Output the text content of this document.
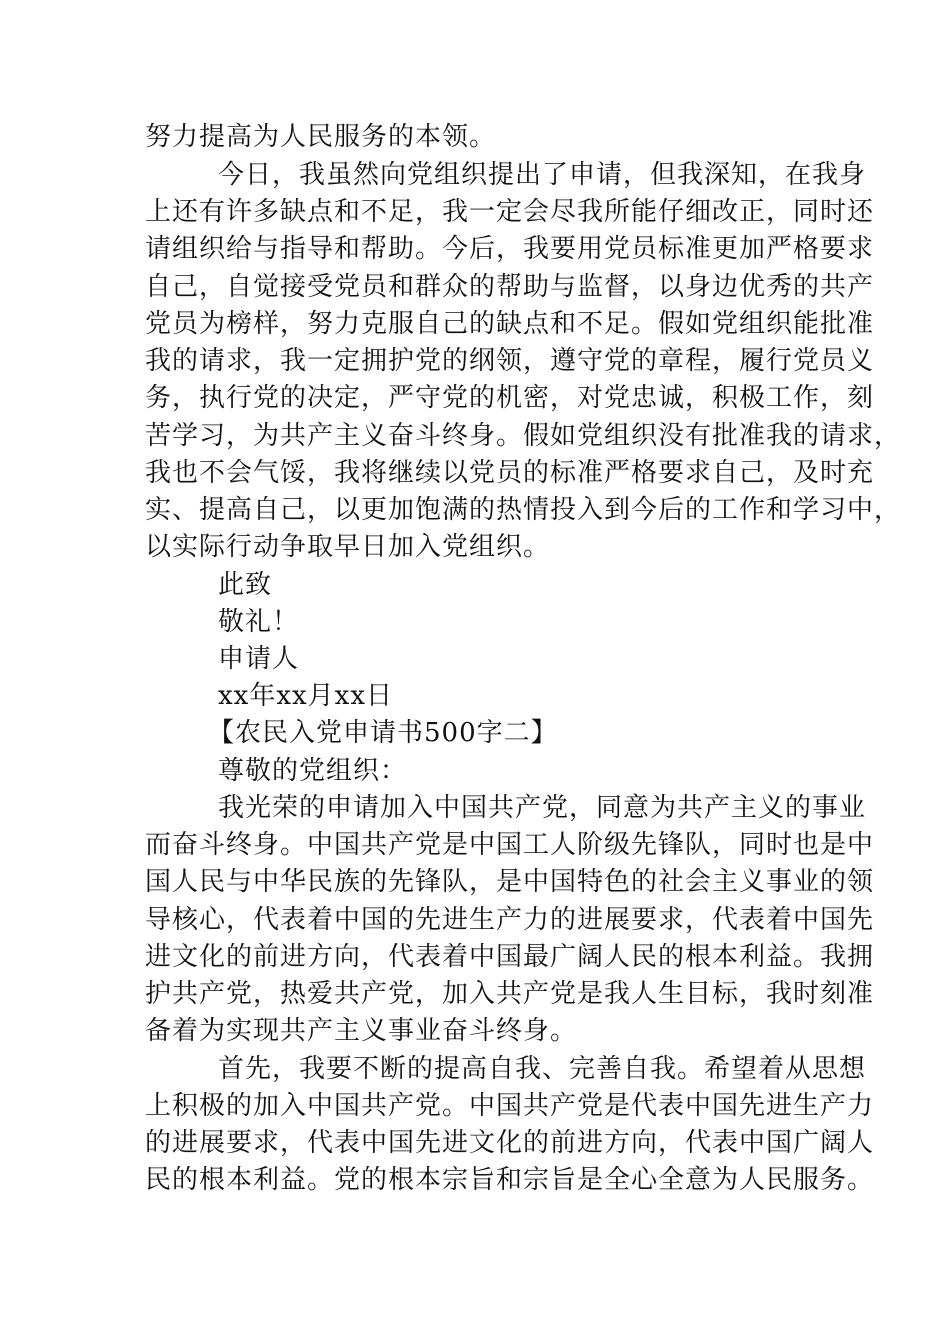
努力提高为人民服务的本领。
今日，我虽然向党组织提出了申请，但我深知，在我身
上还有许多缺点和不足，我一定会尽我所能仔细改正，同时还
请组织给与指导和帮助。今后，我要用党员标准更加严格要求
自己，自觉接受党员和群众的帮助与监督，以身边优秀的共产
党员为榜样，努力克服自己的缺点和不足。假如党组织能批准
我的请求，我一定拥护党的纲领，遵守党的章程，履行党员义
务，执行党的决定，严守党的机密，对党忠诚，积极工作，刻
苦学习，为共产主义奋斗终身。假如党组织没有批准我的请求，
我也不会气馁，我将继续以党员的标准严格要求自己，及时充
实、提高自己，以更加饱满的热情投入到今后的工作和学习中，
以实际行动争取早日加入党组织。
此致
敬礼！
申请人
xx年xx月xx日
【农民入党申请书500字二】
尊敬的党组织：
我光荣的申请加入中国共产党，同意为共产主义的事业
而奋斗终身。中国共产党是中国工人阶级先锋队，同时也是中
国人民与中华民族的先锋队，是中国特色的社会主义事业的领
导核心，代表着中国的先进生产力的进展要求，代表着中国先
进文化的前进方向，代表着中国最广阔人民的根本利益。我拥
护共产党，热爱共产党，加入共产党是我人生目标，我时刻准
备着为实现共产主义事业奋斗终身。
首先，我要不断的提高自我、完善自我。希望着从思想
上积极的加入中国共产党。中国共产党是代表中国先进生产力
的进展要求，代表中国先进文化的前进方向，代表中国广阔人
民的根本利益。党的根本宗旨和宗旨是全心全意为人民服务。
